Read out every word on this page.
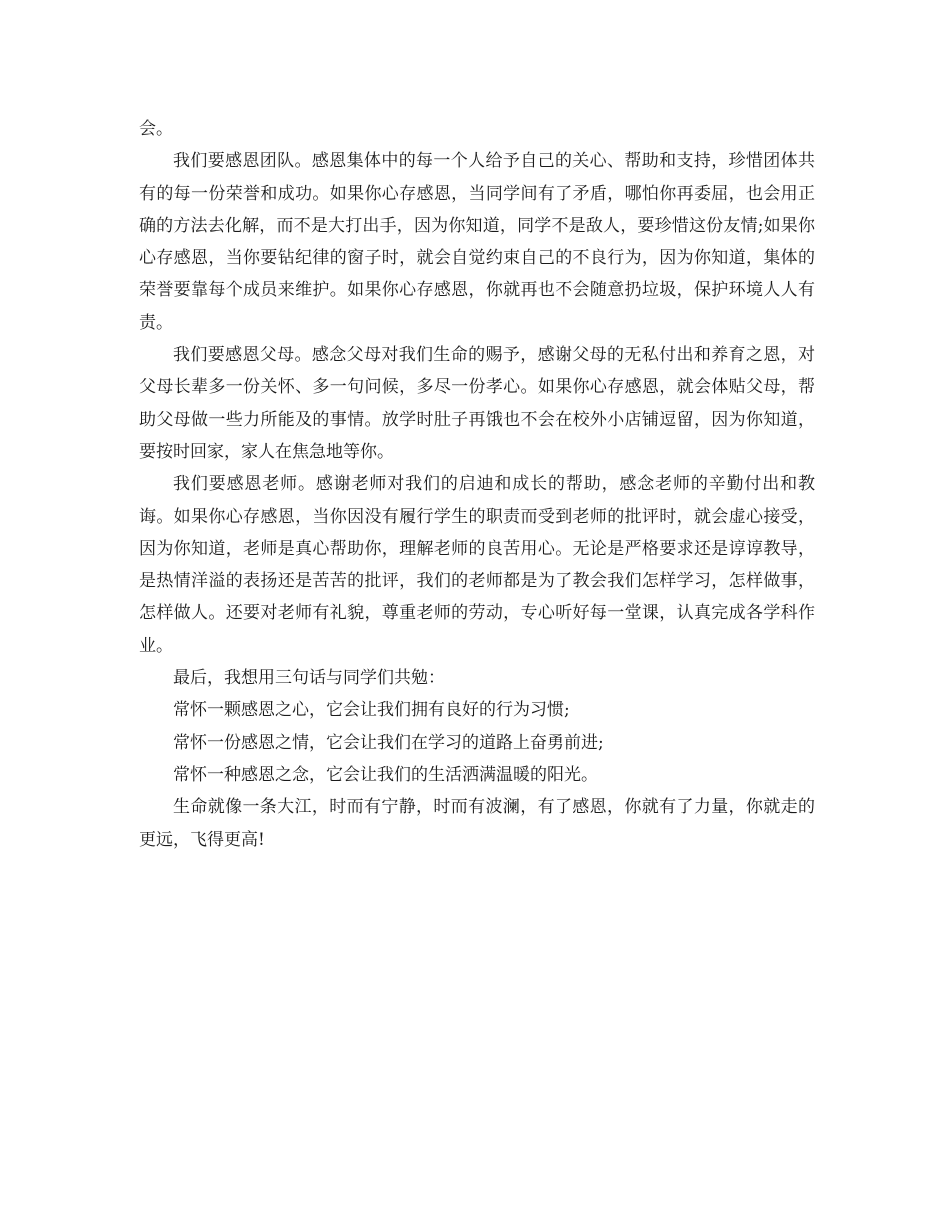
会。

我们要感恩团队。感恩集体中的每一个人给予自己的关心、帮助和支持，珍惜团体共有的每一份荣誉和成功。如果你心存感恩，当同学间有了矛盾，哪怕你再委屈，也会用正确的方法去化解，而不是大打出手，因为你知道，同学不是敌人，要珍惜这份友情;如果你心存感恩，当你要钻纪律的窗子时，就会自觉约束自己的不良行为，因为你知道，集体的荣誉要靠每个成员来维护。如果你心存感恩，你就再也不会随意扔垃圾，保护环境人人有责。

我们要感恩父母。感念父母对我们生命的赐予，感谢父母的无私付出和养育之恩，对父母长辈多一份关怀、多一句问候，多尽一份孝心。如果你心存感恩，就会体贴父母，帮助父母做一些力所能及的事情。放学时肚子再饿也不会在校外小店铺逗留，因为你知道，要按时回家，家人在焦急地等你。

我们要感恩老师。感谢老师对我们的启迪和成长的帮助，感念老师的辛勤付出和教诲。如果你心存感恩，当你因没有履行学生的职责而受到老师的批评时，就会虚心接受，因为你知道，老师是真心帮助你，理解老师的良苦用心。无论是严格要求还是谆谆教导，是热情洋溢的表扬还是苦苦的批评，我们的老师都是为了教会我们怎样学习，怎样做事，怎样做人。还要对老师有礼貌，尊重老师的劳动，专心听好每一堂课，认真完成各学科作业。

最后，我想用三句话与同学们共勉：

常怀一颗感恩之心，它会让我们拥有良好的行为习惯;

常怀一份感恩之情，它会让我们在学习的道路上奋勇前进;

常怀一种感恩之念，它会让我们的生活洒满温暖的阳光。

生命就像一条大江，时而有宁静，时而有波澜，有了感恩，你就有了力量，你就走的更远，飞得更高!
